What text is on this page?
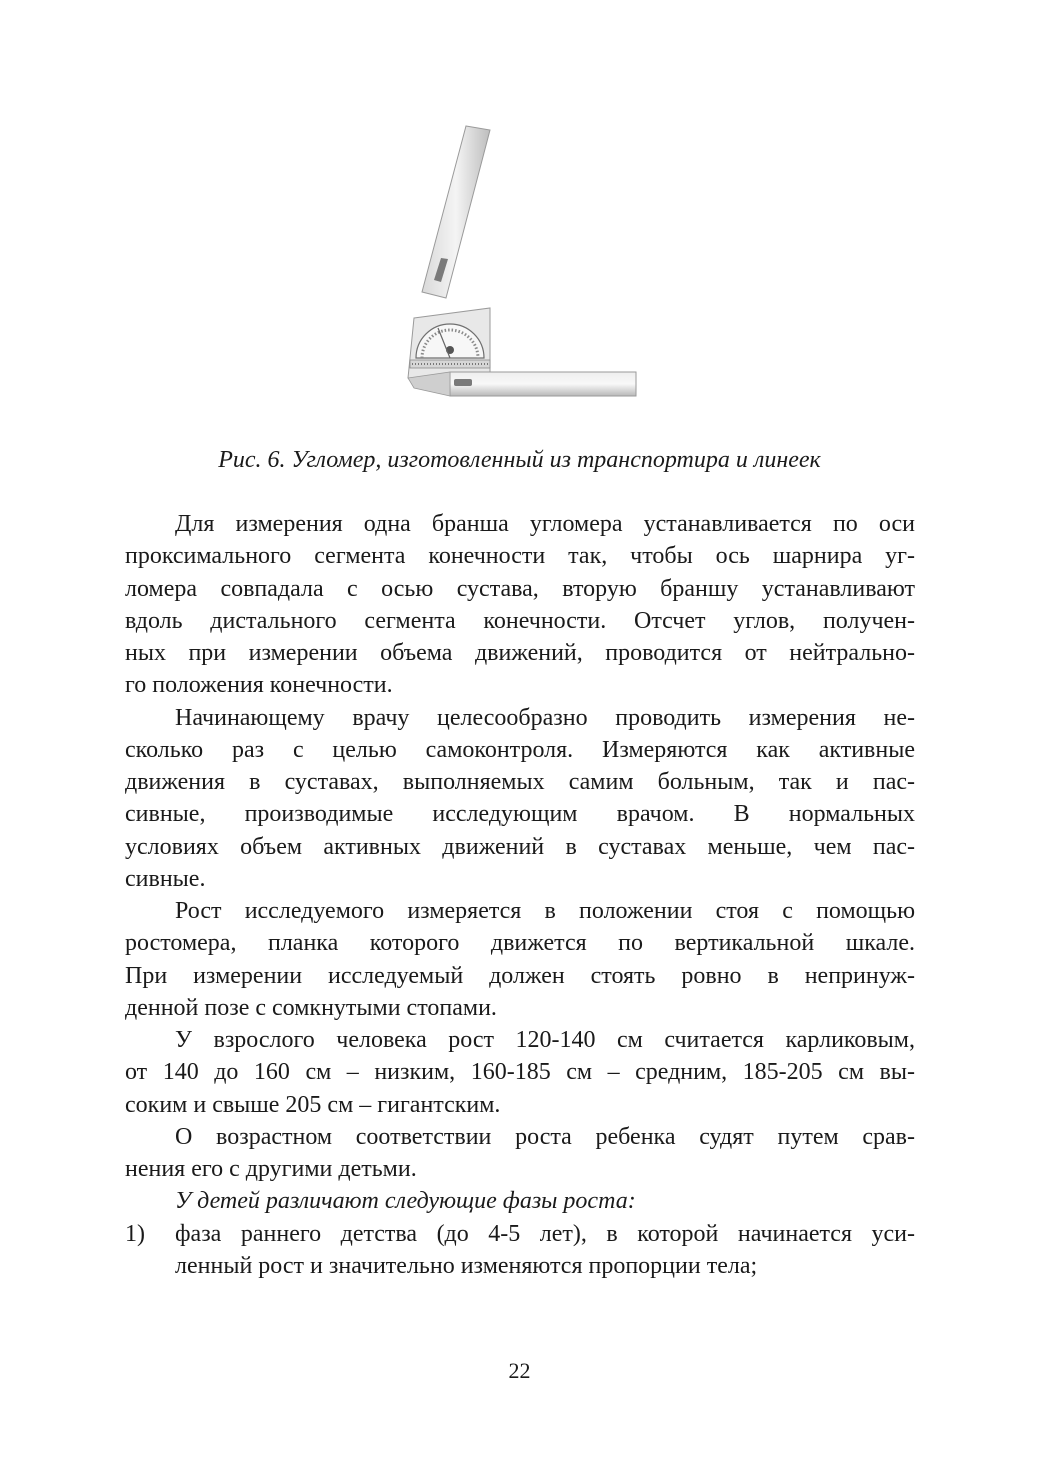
Рис. 6. Угломер, изготовленный из транспортира и линеек
Для измерения одна бранша угломера устанавливается по оси
проксимального сегмента конечности так, чтобы ось шарнира уг-
ломера совпадала с осью сустава, вторую браншу устанавливают
вдоль дистального сегмента конечности. Отсчет углов, получен-
ных при измерении объема движений, проводится от нейтрально-
го положения конечности.
Начинающему врачу целесообразно проводить измерения не-
сколько раз с целью самоконтроля. Измеряются как активные
движения в суставах, выполняемых самим больным, так и пас-
сивные, производимые исследующим врачом. В нормальных
условиях объем активных движений в суставах меньше, чем пас-
сивные.
Рост исследуемого измеряется в положении стоя с помощью
ростомера, планка которого движется по вертикальной шкале.
При измерении исследуемый должен стоять ровно в непринуж-
денной позе с сомкнутыми стопами.
У взрослого человека рост 120-140 см считается карликовым,
от 140 до 160 см – низким, 160-185 см – средним, 185-205 см вы-
соким и свыше 205 см – гигантским.
О возрастном соответствии роста ребенка судят путем срав-
нения его с другими детьми.
У детей различают следующие фазы роста:
1)	фаза раннего детства (до 4-5 лет), в которой начинается уси-
ленный рост и значительно изменяются пропорции тела;
22
